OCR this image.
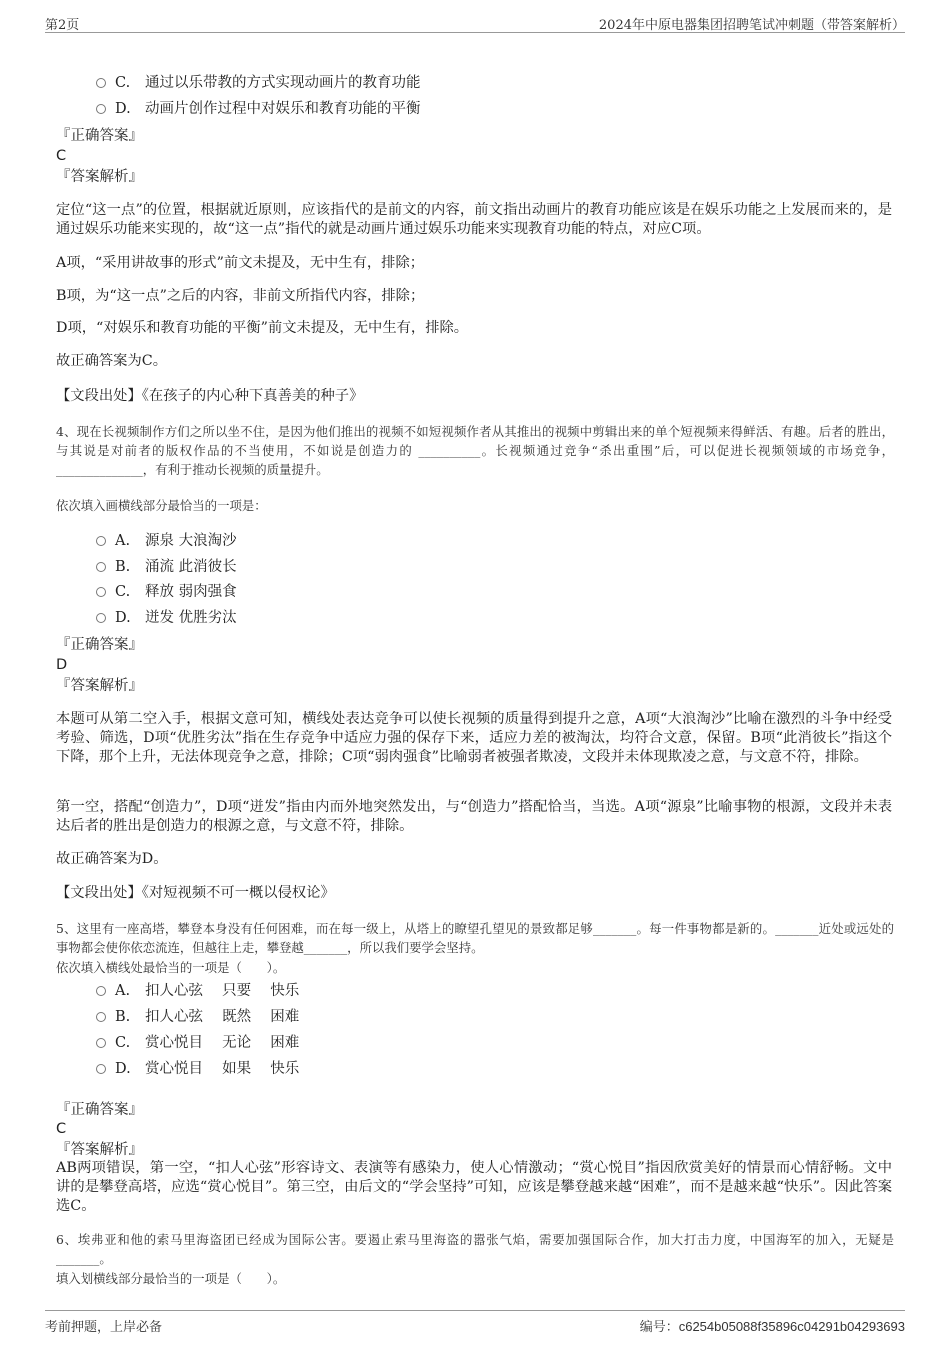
第2页	2024年中原电器集团招聘笔试冲刺题（带答案解析）
C. 通过以乐带教的方式实现动画片的教育功能
D. 动画片创作过程中对娱乐和教育功能的平衡
『正确答案』
C
『答案解析』
定位“这一点”的位置，根据就近原则，应该指代的是前文的内容，前文指出动画片的教育功能应该是在娱乐功能之上发展而来的，是通过娱乐功能来实现的，故“这一点”指代的就是动画片通过娱乐功能来实现教育功能的特点，对应C项。
A项，“采用讲故事的形式”前文未提及，无中生有，排除；
B项，为“这一点”之后的内容，非前文所指代内容，排除；
D项，“对娱乐和教育功能的平衡”前文未提及，无中生有，排除。
故正确答案为C。
【文段出处】《在孩子的内心种下真善美的种子》
4、现在长视频制作方们之所以坐不住，是因为他们推出的视频不如短视频作者从其推出的视频中剪辑出来的单个短视频来得鲜活、有趣。后者的胜出，与其说是对前者的版权作品的不当使用，不如说是创造力的 __________。长视频通过竞争“杀出重围”后，可以促进长视频领域的市场竞争，______________，有利于推动长视频的质量提升。
依次填入画横线部分最恰当的一项是：
A. 源泉 大浪淘沙
B. 涌流 此消彼长
C. 释放 弱肉强食
D. 迸发 优胜劣汰
『正确答案』
D
『答案解析』
本题可从第二空入手，根据文意可知，横线处表达竞争可以使长视频的质量得到提升之意，A项“大浪淘沙”比喻在激烈的斗争中经受考验、筛选，D项“优胜劣汰”指在生存竞争中适应力强的保存下来，适应力差的被淘汰，均符合文意，保留。B项“此消彼长”指这个下降，那个上升，无法体现竞争之意，排除；C项“弱肉强食”比喻弱者被强者欺凌，文段并未体现欺凌之意，与文意不符，排除。
第一空，搭配“创造力”，D项“迸发”指由内而外地突然发出，与“创造力”搭配恰当，当选。A项“源泉”比喻事物的根源，文段并未表达后者的胜出是创造力的根源之意，与文意不符，排除。
故正确答案为D。
【文段出处】《对短视频不可一概以侵权论》
5、这里有一座高塔，攀登本身没有任何困难，而在每一级上，从塔上的瞭望孔望见的景致都足够_______。每一件事物都是新的。_______近处或远处的事物都会使你依恋流连，但越往上走，攀登越_______，所以我们要学会坚持。
依次填入横线处最恰当的一项是（　　）。
A. 扣人心弦　 只要　 快乐
B. 扣人心弦　 既然　 困难
C. 赏心悦目　 无论　 困难
D. 赏心悦目　 如果　 快乐
『正确答案』
C
『答案解析』
AB两项错误，第一空，“扣人心弦”形容诗文、表演等有感染力，使人心情激动；“赏心悦目”指因欣赏美好的情景而心情舒畅。文中讲的是攀登高塔，应选“赏心悦目”。第三空，由后文的“学会坚持”可知，应该是攀登越来越“困难”，而不是越来越“快乐”。因此答案选C。
6、埃弗亚和他的索马里海盗团已经成为国际公害。要遏止索马里海盗的嚣张气焰，需要加强国际合作，加大打击力度，中国海军的加入，无疑是_______。
填入划横线部分最恰当的一项是（　　）。
考前押题，上岸必备	编号：c6254b05088f35896c04291b04293693
